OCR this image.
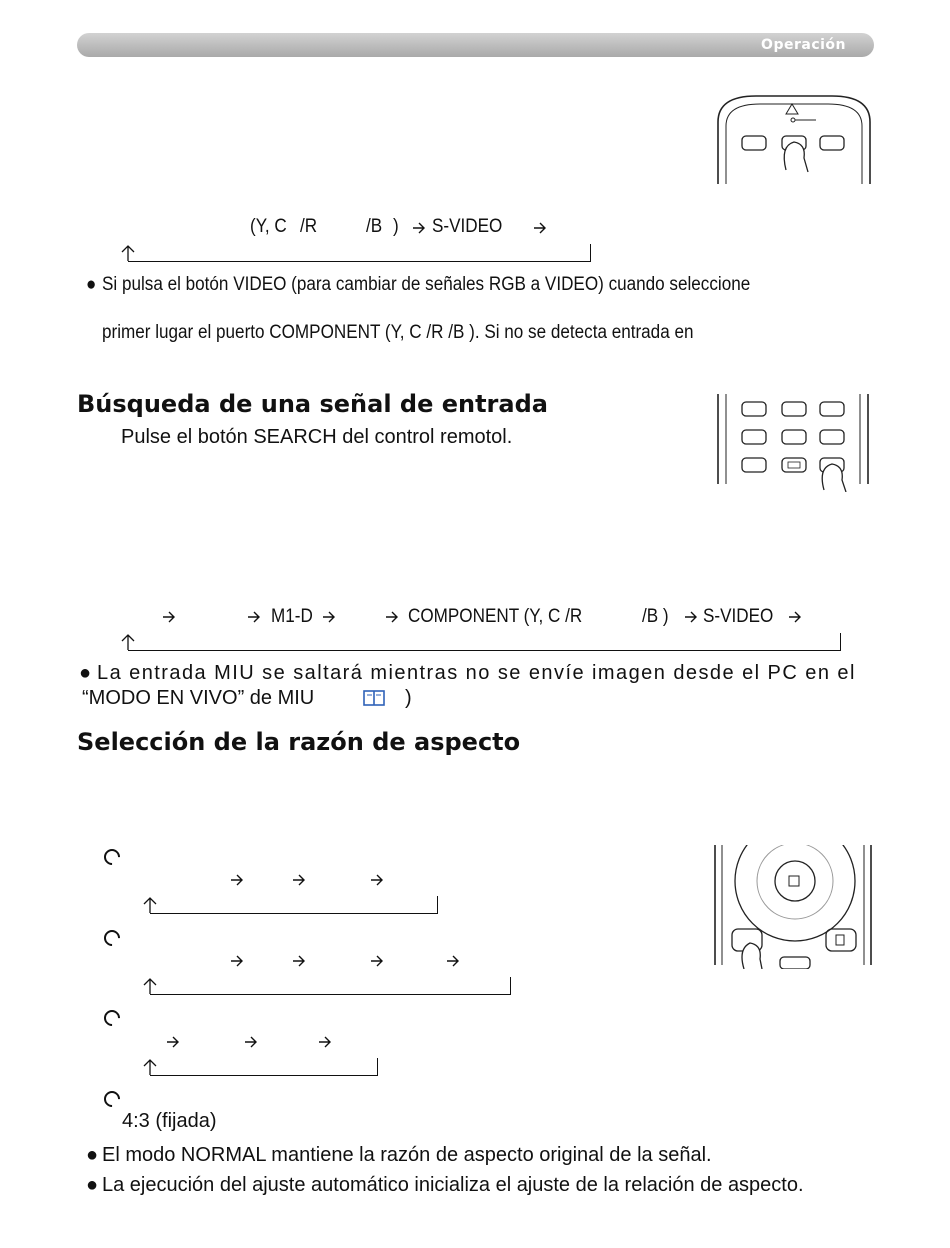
Operación
(Y, C /R	/B ) S-VIDEO
● Si pulsa el botón VIDEO (para cambiar de señales RGB a VIDEO) cuando seleccione
primer lugar el puerto COMPONENT (Y, C /R /B ). Si no se detecta entrada en
Búsqueda de una señal de entrada
Pulse el botón SEARCH del control remotol.
M1-D	COMPONENT (Y, C /R	/B ) S-VIDEO
● La entrada MIU se saltará mientras no se envíe imagen desde el PC en el
“MODO EN VIVO” de MIU	)
Selección de la razón de aspecto
4:3 (fijada)
● El modo NORMAL mantiene la razón de aspecto original de la señal.
● La ejecución del ajuste automático inicializa el ajuste de la relación de aspecto.
